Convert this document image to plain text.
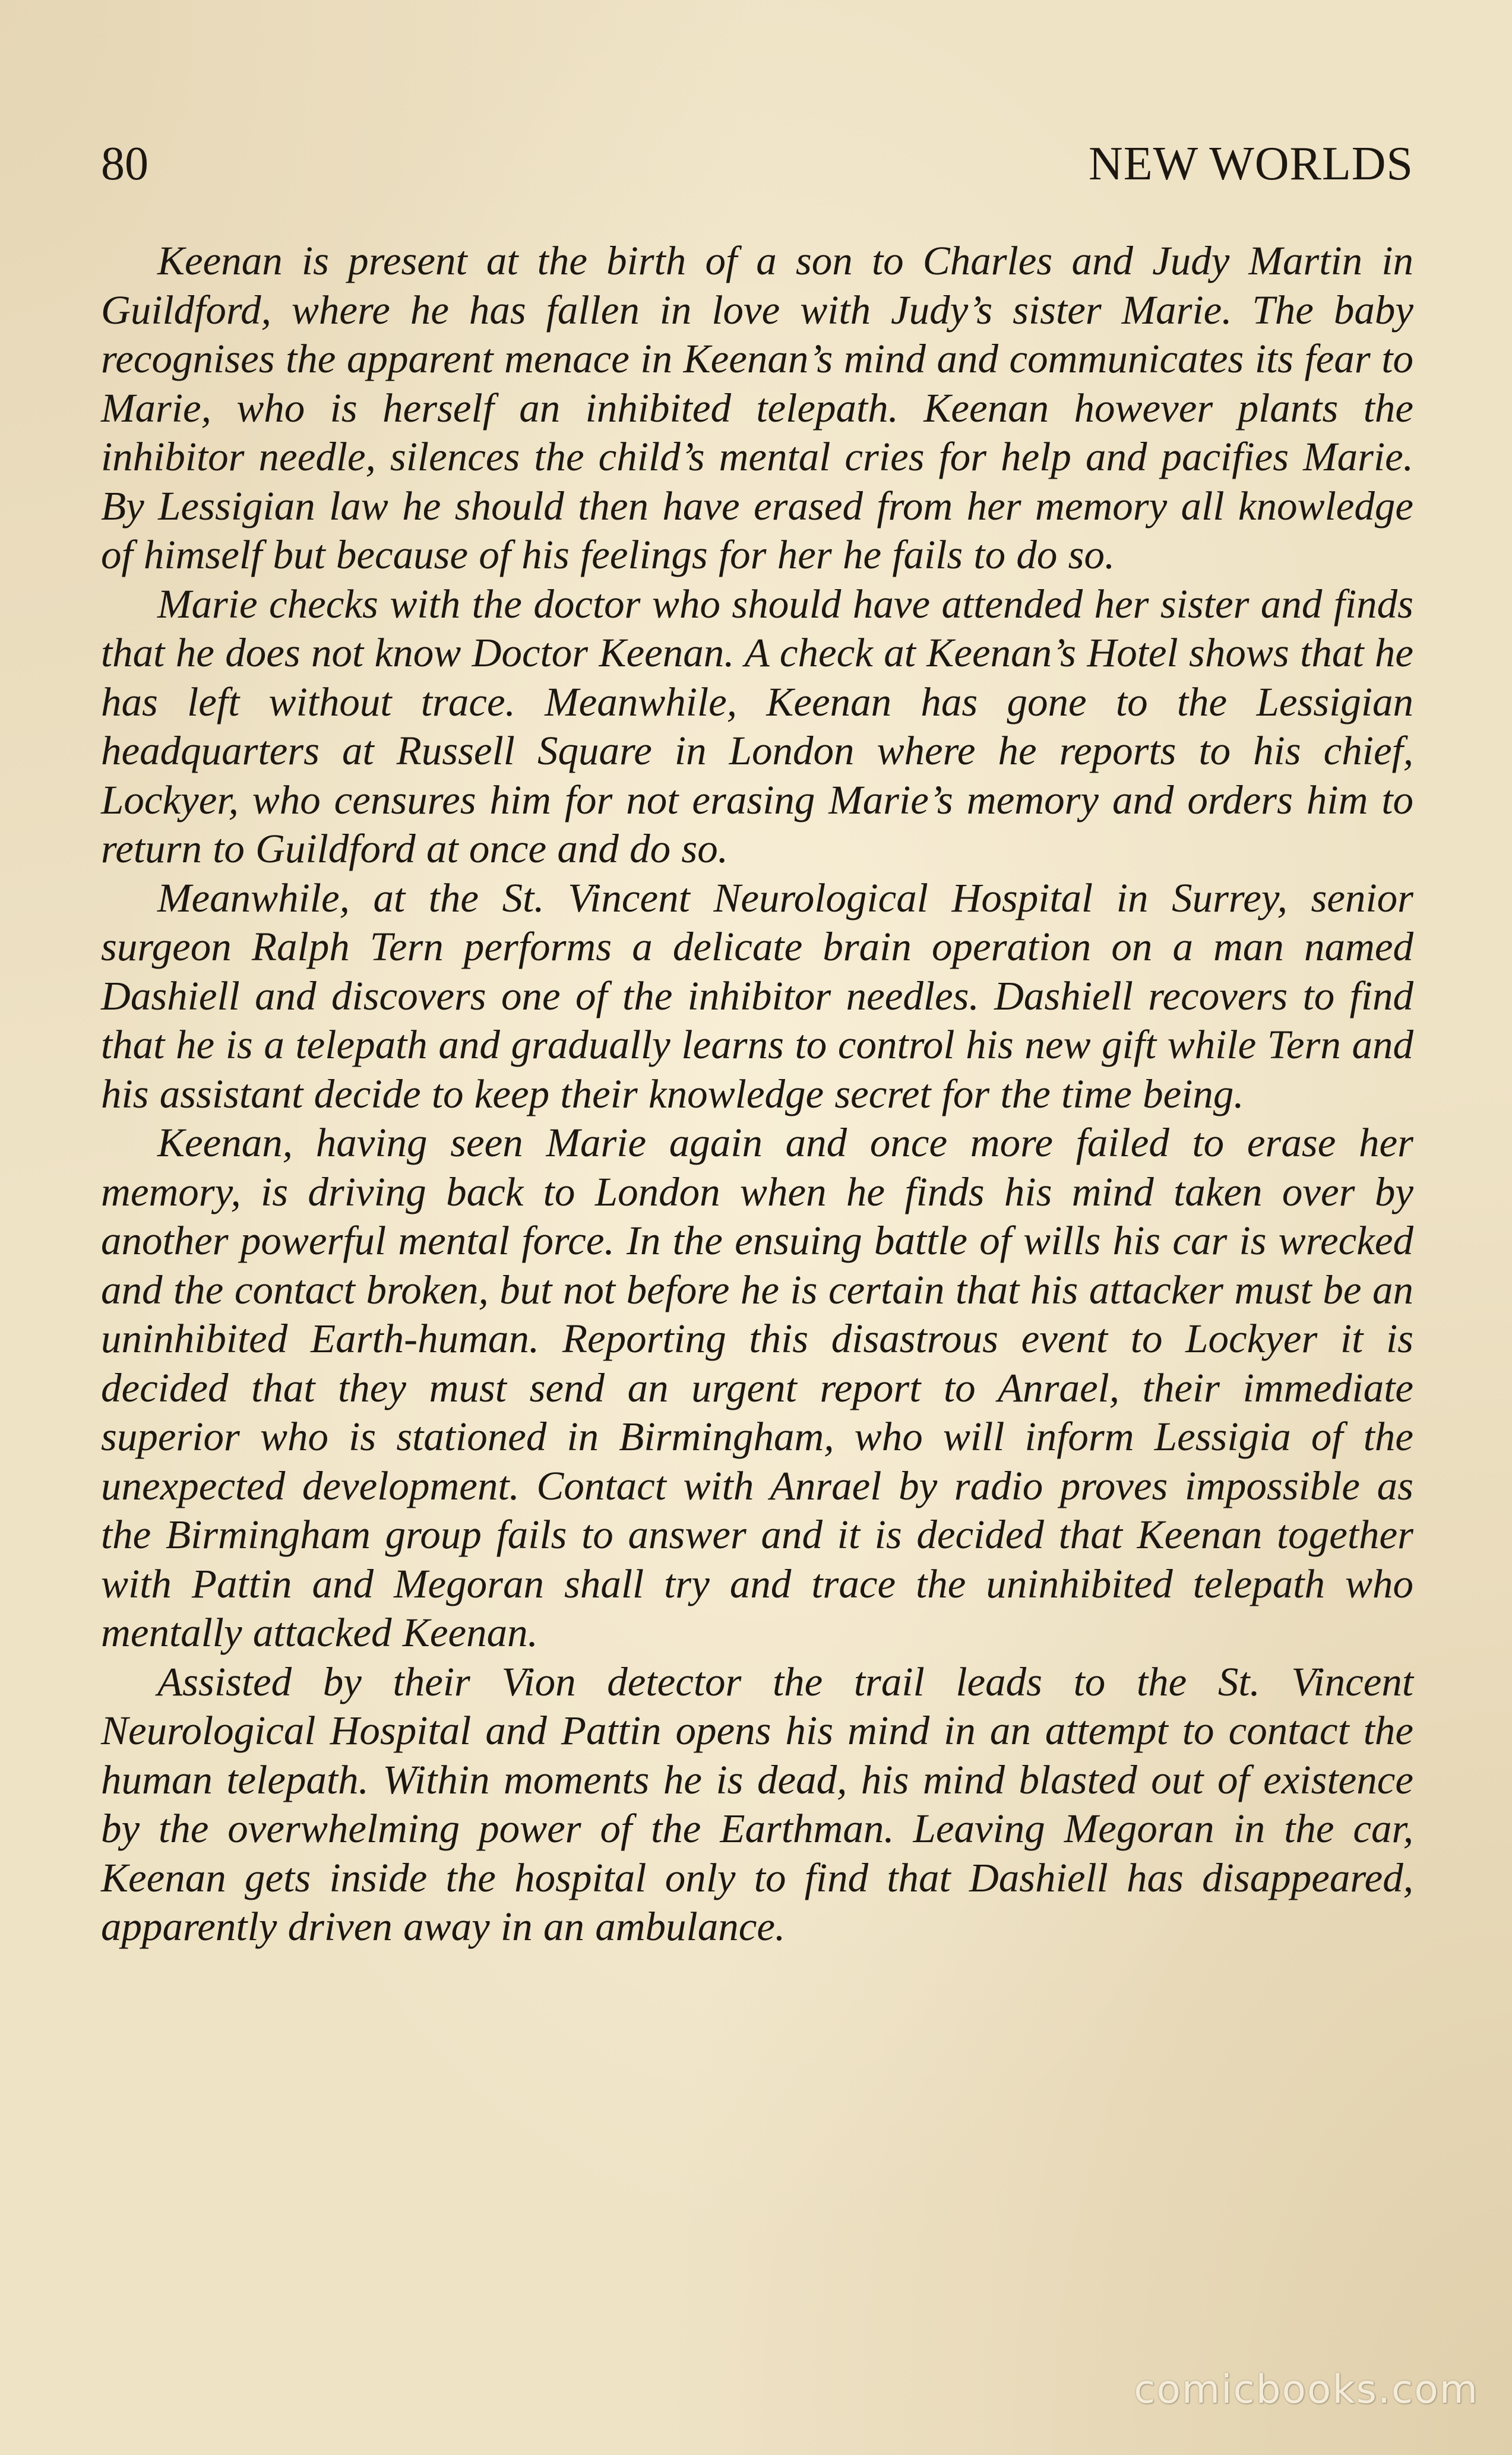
80	NEW WORLDS

Keenan is present at the birth of a son to Charles and Judy Martin in Guildford, where he has fallen in love with Judy’s sister Marie. The baby recognises the apparent menace in Keenan’s mind and communicates its fear to Marie, who is herself an inhibited telepath. Keenan however plants the inhibitor needle, silences the child’s mental cries for help and pacifies Marie. By Lessigian law he should then have erased from her memory all knowledge of himself but because of his feelings for her he fails to do so.

Marie checks with the doctor who should have attended her sister and finds that he does not know Doctor Keenan. A check at Keenan’s Hotel shows that he has left without trace. Meanwhile, Keenan has gone to the Lessigian headquarters at Russell Square in London where he reports to his chief, Lockyer, who censures him for not erasing Marie’s memory and orders him to return to Guildford at once and do so.

Meanwhile, at the St. Vincent Neurological Hospital in Surrey, senior surgeon Ralph Tern performs a delicate brain operation on a man named Dashiell and discovers one of the inhibitor needles. Dashiell recovers to find that he is a telepath and gradually learns to control his new gift while Tern and his assistant decide to keep their knowledge secret for the time being.

Keenan, having seen Marie again and once more failed to erase her memory, is driving back to London when he finds his mind taken over by another powerful mental force. In the ensuing battle of wills his car is wrecked and the contact broken, but not before he is certain that his attacker must be an uninhibited Earth-human. Reporting this disastrous event to Lockyer it is decided that they must send an urgent report to Anrael, their immediate superior who is stationed in Birmingham, who will inform Lessigia of the unexpected development. Contact with Anrael by radio proves impossible as the Birmingham group fails to answer and it is decided that Keenan together with Pattin and Megoran shall try and trace the uninhibited telepath who mentally attacked Keenan.

Assisted by their Vion detector the trail leads to the St. Vincent Neurological Hospital and Pattin opens his mind in an attempt to contact the human telepath. Within moments he is dead, his mind blasted out of existence by the overwhelming power of the Earthman. Leaving Megoran in the car, Keenan gets inside the hospital only to find that Dashiell has disappeared, apparently driven away in an ambulance.

comicbooks.com
